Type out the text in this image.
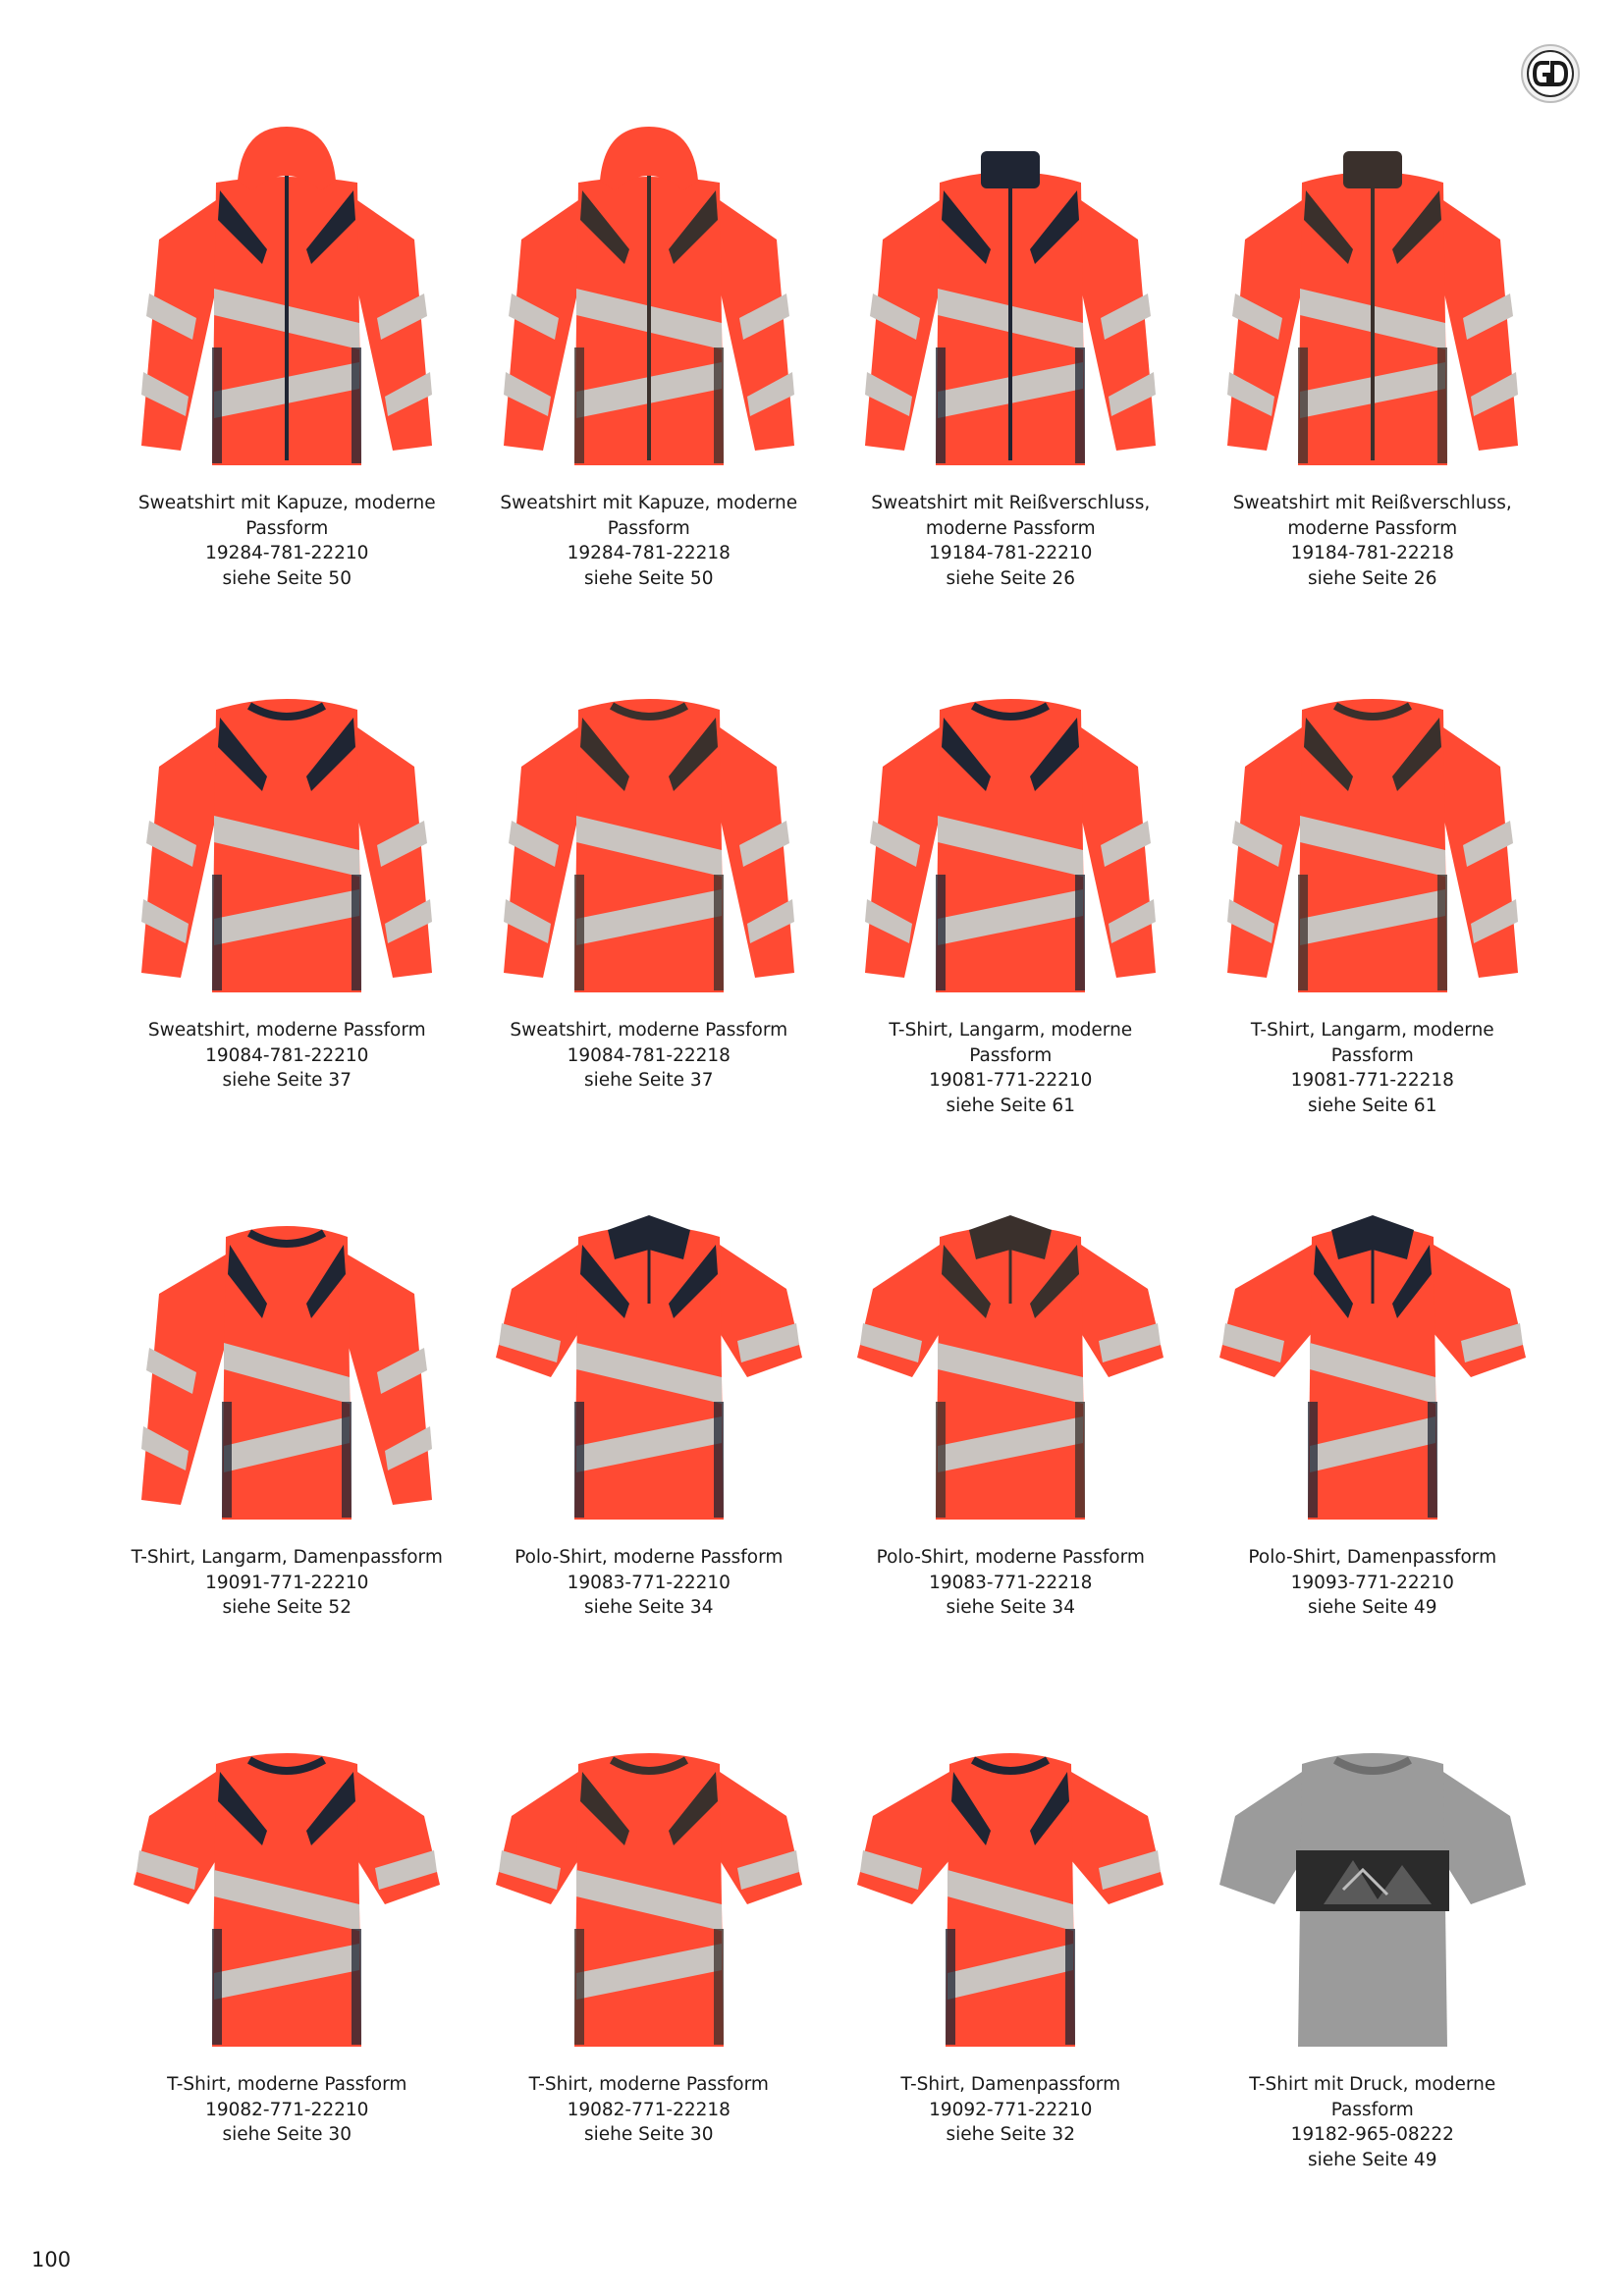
Sweatshirt mit Kapuze, moderne Passform
19284-781-22210
siehe Seite 50
Sweatshirt mit Kapuze, moderne Passform
19284-781-22218
siehe Seite 50
Sweatshirt mit Reißverschluss, moderne Passform
19184-781-22210
siehe Seite 26
Sweatshirt mit Reißverschluss, moderne Passform
19184-781-22218
siehe Seite 26
Sweatshirt, moderne Passform
19084-781-22210
siehe Seite 37
Sweatshirt, moderne Passform
19084-781-22218
siehe Seite 37
T-Shirt, Langarm, moderne Passform
19081-771-22210
siehe Seite 61
T-Shirt, Langarm, moderne Passform
19081-771-22218
siehe Seite 61
T-Shirt, Langarm, Damenpassform
19091-771-22210
siehe Seite 52
Polo-Shirt, moderne Passform
19083-771-22210
siehe Seite 34
Polo-Shirt, moderne Passform
19083-771-22218
siehe Seite 34
Polo-Shirt, Damenpassform
19093-771-22210
siehe Seite 49
T-Shirt, moderne Passform
19082-771-22210
siehe Seite 30
T-Shirt, moderne Passform
19082-771-22218
siehe Seite 30
T-Shirt, Damenpassform
19092-771-22210
siehe Seite 32
T-Shirt mit Druck, moderne Passform
19182-965-08222
siehe Seite 49
100
